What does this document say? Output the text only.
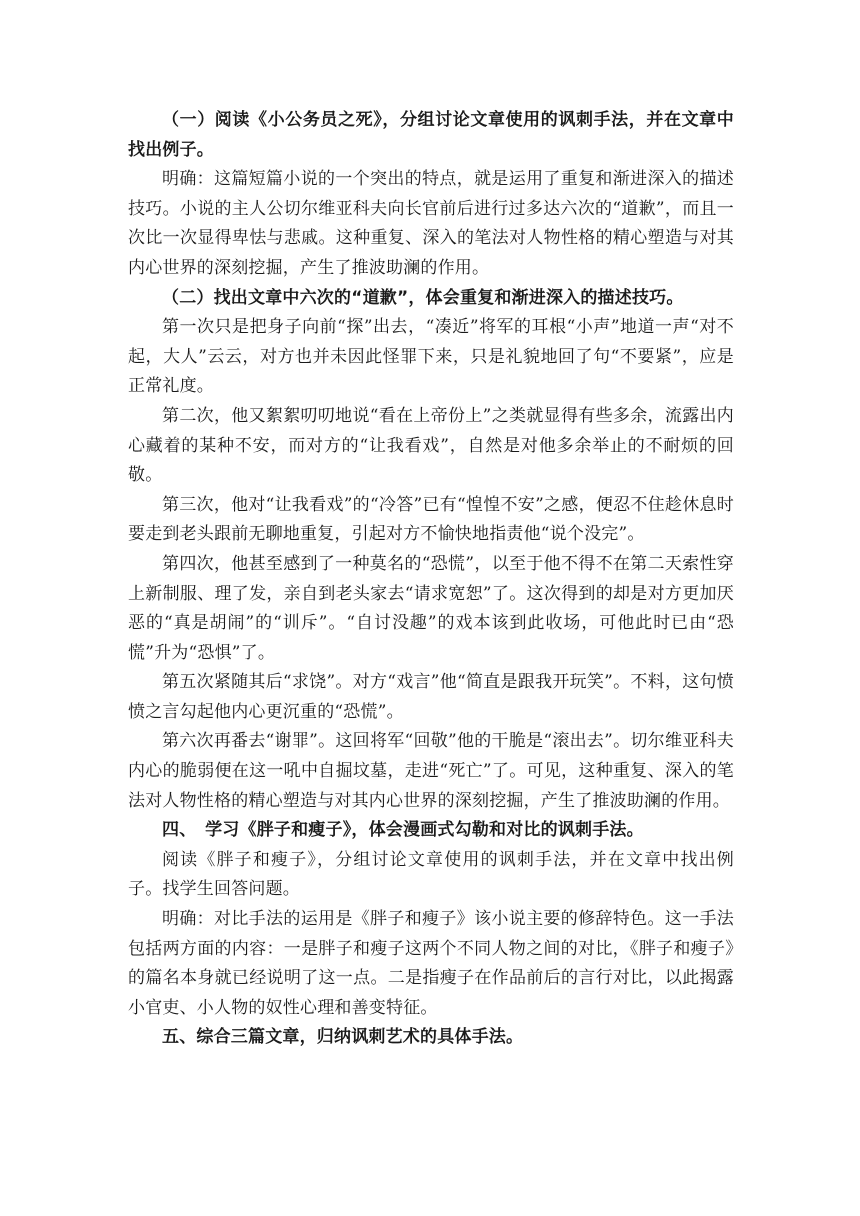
（一）阅读《小公务员之死》，分组讨论文章使用的讽刺手法，并在文章中找出例子。

明确：这篇短篇小说的一个突出的特点，就是运用了重复和渐进深入的描述技巧。小说的主人公切尔维亚科夫向长官前后进行过多达六次的“道歉”，而且一次比一次显得卑怯与悲戚。这种重复、深入的笔法对人物性格的精心塑造与对其内心世界的深刻挖掘，产生了推波助澜的作用。

（二）找出文章中六次的“道歉”，体会重复和渐进深入的描述技巧。

第一次只是把身子向前“探”出去，“凑近”将军的耳根“小声”地道一声“对不起，大人”云云，对方也并未因此怪罪下来，只是礼貌地回了句“不要紧”，应是正常礼度。

第二次，他又絮絮叨叨地说“看在上帝份上”之类就显得有些多余，流露出内心藏着的某种不安，而对方的“让我看戏”，自然是对他多余举止的不耐烦的回敬。

第三次，他对“让我看戏”的“冷答”已有“惶惶不安”之感，便忍不住趁休息时要走到老头跟前无聊地重复，引起对方不愉快地指责他“说个没完”。

第四次，他甚至感到了一种莫名的“恐慌”，以至于他不得不在第二天索性穿上新制服、理了发，亲自到老头家去“请求宽恕”了。这次得到的却是对方更加厌恶的“真是胡闹”的“训斥”。“自讨没趣”的戏本该到此收场，可他此时已由“恐慌”升为“恐惧”了。

第五次紧随其后“求饶”。对方“戏言”他“简直是跟我开玩笑”。不料，这句愤愤之言勾起他内心更沉重的“恐慌”。

第六次再番去“谢罪”。这回将军“回敬”他的干脆是“滚出去”。切尔维亚科夫内心的脆弱便在这一吼中自掘坟墓，走进“死亡”了。可见，这种重复、深入的笔法对人物性格的精心塑造与对其内心世界的深刻挖掘，产生了推波助澜的作用。

四、　学习《胖子和瘦子》，体会漫画式勾勒和对比的讽刺手法。

阅读《胖子和瘦子》，分组讨论文章使用的讽刺手法，并在文章中找出例子。找学生回答问题。

明确：对比手法的运用是《胖子和瘦子》该小说主要的修辞特色。这一手法包括两方面的内容：一是胖子和瘦子这两个不同人物之间的对比，《胖子和瘦子》的篇名本身就已经说明了这一点。二是指瘦子在作品前后的言行对比，以此揭露小官吏、小人物的奴性心理和善变特征。

五、综合三篇文章，归纳讽刺艺术的具体手法。
